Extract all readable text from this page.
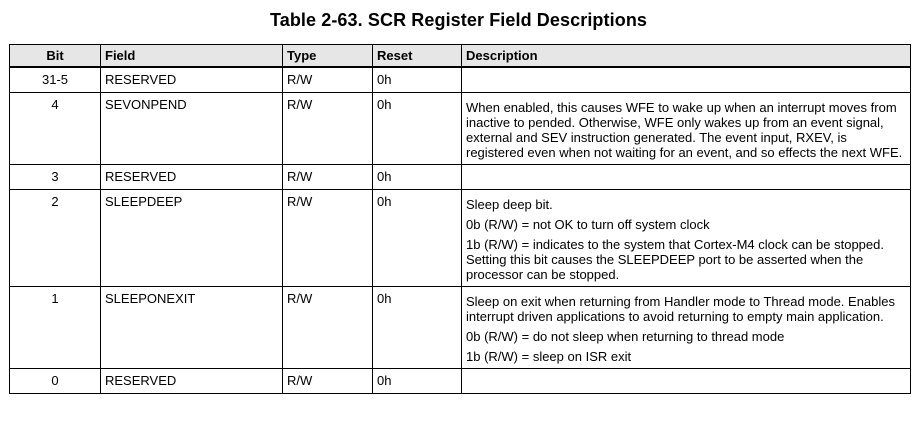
Table 2-63. SCR Register Field Descriptions
Bit	Field	Type	Reset	Description
31-5	RESERVED	R/W	0h	
4	SEVONPEND	R/W	0h	When enabled, this causes WFE to wake up when an interrupt moves from inactive to pended. Otherwise, WFE only wakes up from an event signal, external and SEV instruction generated. The event input, RXEV, is registered even when not waiting for an event, and so effects the next WFE.

3	RESERVED	R/W	0h	
2	SLEEPDEEP	R/W	0h	Sleep deep bit.

0b (R/W) = not OK to turn off system clock

1b (R/W) = indicates to the system that Cortex-M4 clock can be stopped. Setting this bit causes the SLEEPDEEP port to be asserted when the processor can be stopped.

1	SLEEPONEXIT	R/W	0h	Sleep on exit when returning from Handler mode to Thread mode. Enables interrupt driven applications to avoid returning to empty main application.

0b (R/W) = do not sleep when returning to thread mode

1b (R/W) = sleep on ISR exit

0	RESERVED	R/W	0h	
